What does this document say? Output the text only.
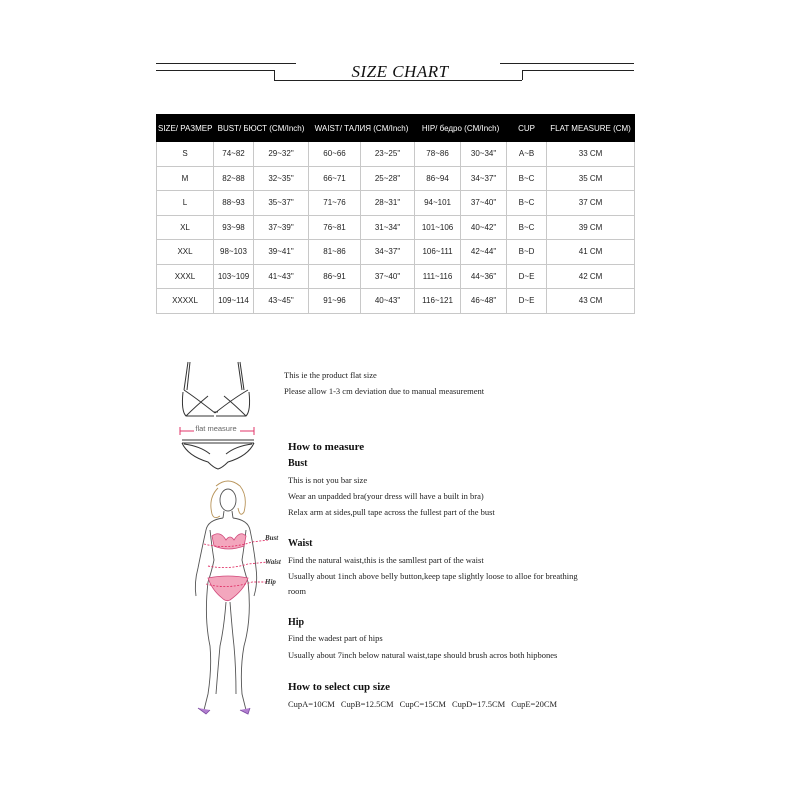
SIZE CHART
SIZE/ РАЗМЕР	BUST/ БЮСТ (CM/Inch)		WAIST/ ТАЛИЯ (CM/Inch)		HIP/ бедро (CM/Inch)		CUP	FLAT MEASURE (CM)
S	74~82	29~32"	60~66	23~25"	78~86	30~34"	A~B	33 CM
M	82~88	32~35"	66~71	25~28"	86~94	34~37"	B~C	35 CM
L	88~93	35~37"	71~76	28~31"	94~101	37~40"	B~C	37 CM
XL	93~98	37~39"	76~81	31~34"	101~106	40~42"	B~C	39 CM
XXL	98~103	39~41"	81~86	34~37"	106~111	42~44"	B~D	41 CM
XXXL	103~109	41~43"	86~91	37~40"	111~116	44~36"	D~E	42 CM
XXXXL	109~114	43~45"	91~96	40~43"	116~121	46~48"	D~E	43 CM
flat measure
This ie the product flat size
Please allow 1-3 cm deviation due to manual measurement
Bust
Waist
Hip
How to measure
Bust
This is not you bar size
Wear an unpadded bra(your dress will have a built in bra)
Relax arm at sides,pull tape across the fullest part of the bust
Waist
Find the natural waist,this is the samllest part of the waist
Usually about 1inch above belly button,keep tape slightly loose to alloe for breathing
room
Hip
Find the wadest part of hips
Usually about 7inch below natural waist,tape should brush acros both hipbones
How to select cup size
CupA=10CM CupB=12.5CM CupC=15CM CupD=17.5CM CupE=20CM
